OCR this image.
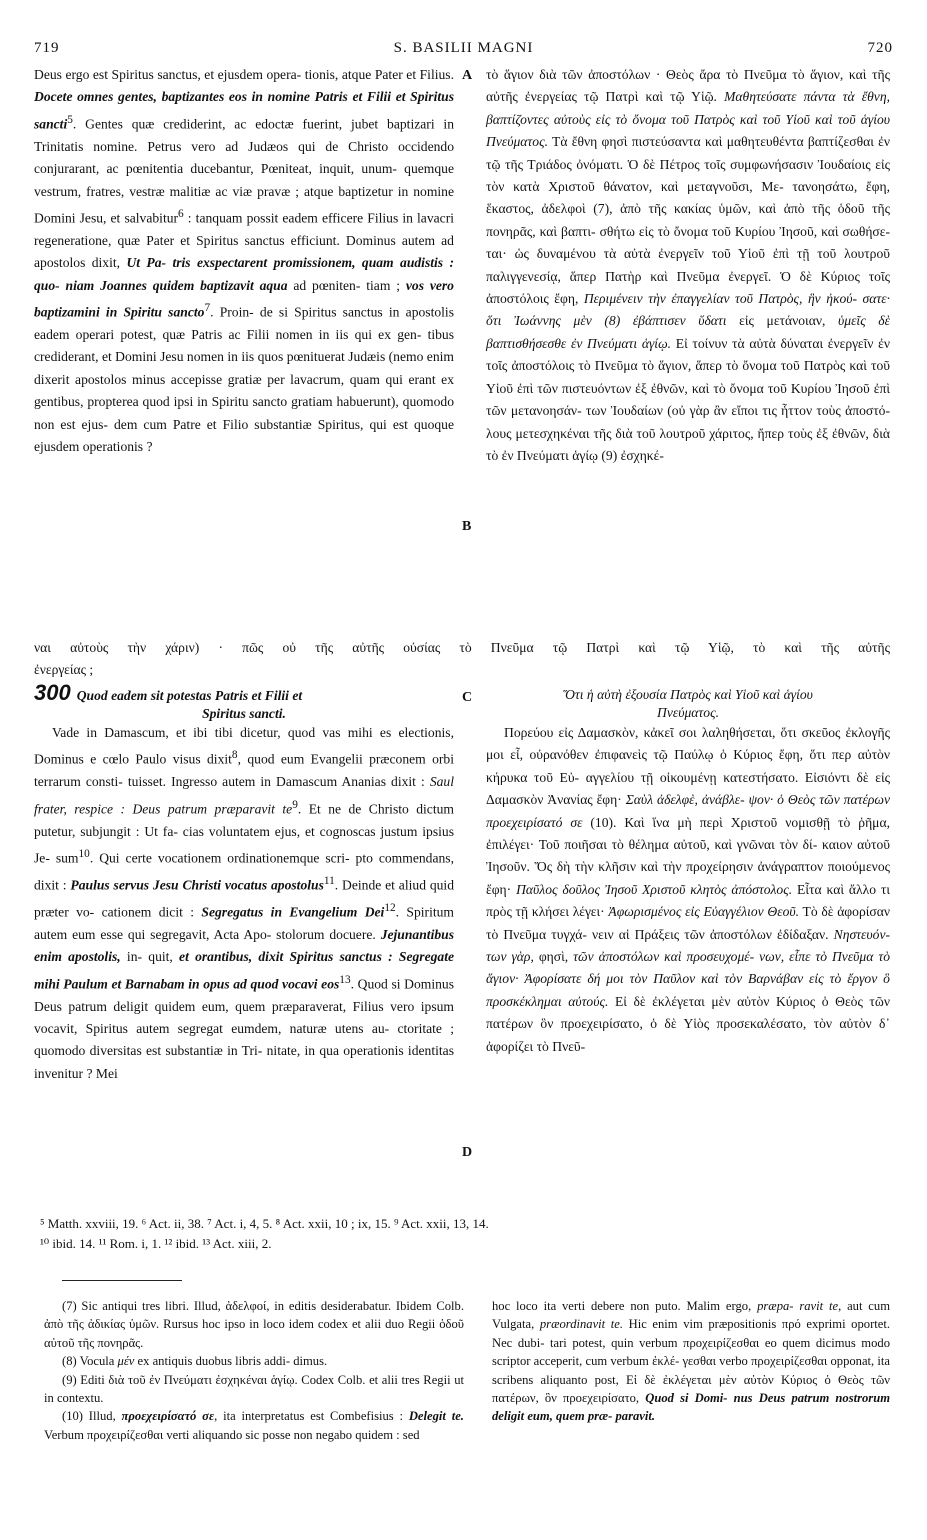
719	S. BASILII MAGNI	720
A
B
C
D

Deus ergo est Spiritus sanctus, et ejusdem opera- tionis, atque Pater et Filius. Docete omnes gentes, baptizantes eos in nomine Patris et Filii et Spiritus sancti$^5$. Gentes quæ crediderint, ac edoctæ fuerint, jubet baptizari in Trinitatis nomine. Petrus vero ad Judæos qui de Christo occidendo conjurarant, ac pœnitentia ducebantur, Pœniteat, inquit, unum- quemque vestrum, fratres, vestræ malitiæ ac viæ pravæ ; atque baptizetur in nomine Domini Jesu, et salvabitur$^6$ : tanquam possit eadem efficere Filius in lavacri regeneratione, quæ Pater et Spiritus sanctus efficiunt. Dominus autem ad apostolos dixit, Ut Pa- tris exspectarent promissionem, quam audistis : quo- niam Joannes quidem baptizavit aqua ad pœniten- tiam ; vos vero baptizamini in Spiritu sancto$^7$. Proin- de si Spiritus sanctus in apostolis eadem operari potest, quæ Patris ac Filii nomen in iis qui ex gen- tibus crediderant, et Domini Jesu nomen in iis quos pœnituerat Judæis (nemo enim dixerit apostolos minus accepisse gratiæ per lavacrum, quam qui erant ex gentibus, propterea quod ipsi in Spiritu sancto gratiam habuerunt), quomodo non est ejus- dem cum Patre et Filio substantiæ Spiritus, qui est quoque ejusdem operationis ?

τὸ ἅγιον διὰ τῶν ἀποστόλων · Θεὸς ἄρα τὸ Πνεῦμα τὸ ἅγιον, καὶ τῆς αὐτῆς ἐνεργείας τῷ Πατρὶ καὶ τῷ Υἱῷ. Μαθητεύσατε πάντα τὰ ἔθνη, βαπτίζοντες αὐτοὺς εἰς τὸ ὄνομα τοῦ Πατρὸς καὶ τοῦ Υἱοῦ καὶ τοῦ ἁγίου Πνεύματος. Τὰ ἔθνη φησὶ πιστεύσαντα καὶ μαθητευθέντα βαπτίζεσθαι ἐν τῷ τῆς Τριάδος ὀνόματι. Ὁ δὲ Πέτρος τοῖς συμφωνήσασιν Ἰουδαίοις εἰς τὸν κατὰ Χριστοῦ θάνατον, καὶ μεταγνοῦσι, Με- τανοησάτω, ἔφη, ἕκαστος, ἀδελφοὶ (7), ἀπὸ τῆς κακίας ὑμῶν, καὶ ἀπὸ τῆς ὁδοῦ τῆς πονηρᾶς, καὶ βαπτι- σθήτω εἰς τὸ ὄνομα τοῦ Κυρίου Ἰησοῦ, καὶ σωθήσε- ται· ὡς δυναμένου τὰ αὐτὰ ἐνεργεῖν τοῦ Υἱοῦ ἐπὶ τῇ τοῦ λουτροῦ παλιγγενεσίᾳ, ἅπερ Πατὴρ καὶ Πνεῦμα ἐνεργεῖ. Ὁ δὲ Κύριος τοῖς ἀποστόλοις ἔφη, Περιμένειν τὴν ἐπαγγελίαν τοῦ Πατρὸς, ἣν ἠκού- σατε· ὅτι Ἰωάννης μὲν (8) ἐβάπτισεν ὕδατι εἰς μετάνοιαν, ὑμεῖς δὲ βαπτισθήσεσθε ἐν Πνεύματι ἁγίῳ. Εἰ τοίνυν τὰ αὐτὰ δύναται ἐνεργεῖν ἐν τοῖς ἀποστόλοις τὸ Πνεῦμα τὸ ἅγιον, ἅπερ τὸ ὄνομα τοῦ Πατρὸς καὶ τοῦ Υἱοῦ ἐπὶ τῶν πιστευόντων ἐξ ἐθνῶν, καὶ τὸ ὄνομα τοῦ Κυρίου Ἰησοῦ ἐπὶ τῶν μετανοησάν- των Ἰουδαίων (οὐ γὰρ ἂν εἴποι τις ἧττον τοὺς ἀποστό- λους μετεσχηκέναι τῆς διὰ τοῦ λουτροῦ χάριτος, ἤπερ τοὺς ἐξ ἐθνῶν, διὰ τὸ ἐν Πνεύματι ἁγίῳ (9) ἐσχηκέ-

ναι αὐτοὺς τὴν χάριν) · πῶς οὐ τῆς αὐτῆς οὐσίας τὸ Πνεῦμα τῷ Πατρὶ καὶ τῷ Υἱῷ, τὸ καὶ τῆς αὐτῆς
ἐνεργείας ;
300 Quod eadem sit potestas Patris et Filii et
Spiritus sancti.
Ὅτι ἡ αὐτὴ ἐξουσία Πατρὸς καὶ Υἱοῦ καὶ ἁγίου
Πνεύματος.

Vade in Damascum, et ibi tibi dicetur, quod vas mihi es electionis, Dominus e cœlo Paulo visus dixit$^8$, quod eum Evangelii præconem orbi terrarum consti- tuisset. Ingresso autem in Damascum Ananias dixit : Saul frater, respice : Deus patrum præparavit $te^9$. Et ne de Christo dictum putetur, subjungit : Ut fa- cias voluntatem ejus, et cognoscas justum ipsius Je- sum$^{10}$. Qui certe vocationem ordinationemque scri- pto commendans, dixit : Paulus servus Jesu Christi vocatus apostolus$^{11}$. Deinde et aliud quid præter vo- cationem dicit : Segregatus in Evangelium Dei$^{12}$. Spiritum autem eum esse qui segregavit, Acta Apo- stolorum docuere. Jejunantibus enim apostolis, in- quit, et orantibus, dixit Spiritus sanctus : Segregate mihi Paulum et Barnabam in opus ad quod vocavi eos$^{13}$. Quod si Dominus Deus patrum deligit quidem eum, quem præparaverat, Filius vero ipsum vocavit, Spiritus autem segregat eumdem, naturæ utens au- ctoritate ; quomodo diversitas est substantiæ in Tri- nitate, in qua operationis identitas invenitur ? Mei

Πορεύου εἰς Δαμασκὸν, κἀκεῖ σοι λαληθήσεται, ὅτι σκεῦος ἐκλογῆς μοι εἶ, οὐρανόθεν ἐπιφανεὶς τῷ Παύλῳ ὁ Κύριος ἔφη, ὅτι περ αὐτὸν κήρυκα τοῦ Εὐ- αγγελίου τῇ οἰκουμένῃ κατεστήσατο. Εἰσιόντι δὲ εἰς Δαμασκὸν Ἀνανίας ἔφη· Σαὺλ ἀδελφὲ, ἀνάβλε- ψον· ὁ Θεὸς τῶν πατέρων προεχειρίσατό σε (10). Καὶ ἵνα μὴ περὶ Χριστοῦ νομισθῇ τὸ ῥῆμα, ἐπιλέγει· Τοῦ ποιῆσαι τὸ θέλημα αὐτοῦ, καὶ γνῶναι τὸν δί- καιον αὐτοῦ Ἰησοῦν. Ὅς δὴ τὴν κλῆσιν καὶ τὴν προχείρησιν ἀνάγραπτον ποιούμενος ἔφη· Παῦλος δοῦλος Ἰησοῦ Χριστοῦ κλητὸς ἀπόστολος. Εἶτα καὶ ἄλλο τι πρὸς τῇ κλήσει λέγει· Ἀφωρισμένος εἰς Εὐαγγέλιον Θεοῦ. Τὸ δὲ ἀφορίσαν τὸ Πνεῦμα τυγχά- νειν αἱ Πράξεις τῶν ἀποστόλων ἐδίδαξαν. Νηστευόν- των γὰρ, φησὶ, τῶν ἀποστόλων καὶ προσευχομέ- νων, εἶπε τὸ Πνεῦμα τὸ ἅγιον· Ἀφορίσατε δή μοι τὸν Παῦλον καὶ τὸν Βαρνάβαν εἰς τὸ ἔργον ὃ προσκέκλημαι αὐτούς. Εἰ δὲ ἐκλέγεται μὲν αὐτὸν Κύριος ὁ Θεὸς τῶν πατέρων ὃν προεχειρίσατο, ὁ δὲ Υἱὸς προσεκαλέσατο, τὸν αὐτὸν δ᾽ ἀφορίζει τὸ Πνεῦ-

⁵ Matth. xxviii, 19. ⁶ Act. ii, 38. ⁷ Act. i, 4, 5. ⁸ Act. xxii, 10 ; ix, 15. ⁹ Act. xxii, 13, 14.
¹⁰ ibid. 14. ¹¹ Rom. i, 1. ¹² ibid. ¹³ Act. xiii, 2.

(7) Sic antiqui tres libri. Illud, ἀδελφοί, in editis desiderabatur. Ibidem Colb. ἀπὸ τῆς ἀδικίας ὑμῶν. Rursus hoc ipso in loco idem codex et alii duo Regii ὁδοῦ αὐτοῦ τῆς πονηρᾶς.

(8) Vocula μέν ex antiquis duobus libris addi- dimus.

(9) Editi διὰ τοῦ ἐν Πνεύματι ἐσχηκέναι ἁγίῳ. Codex Colb. et alii tres Regii ut in contextu.

(10) Illud, προεχειρίσατό σε, ita interpretatus est Combefisius : Delegit te. Verbum προχειρίζεσθαι verti aliquando sic posse non negabo quidem : sed

hoc loco ita verti debere non puto. Malim ergo, præpa- ravit te, aut cum Vulgata, præordinavit te. Hic enim vim præpositionis πρό exprimi oportet. Nec dubi- tari potest, quin verbum προχειρίζεσθαι eo quem dicimus modo scriptor acceperit, cum verbum ἐκλέ- γεσθαι verbo προχειρίζεσθαι opponat, ita scribens aliquanto post, Εἰ δὲ ἐκλέγεται μὲν αὐτὸν Κύριος ὁ Θεὸς τῶν πατέρων, ὃν προεχειρίσατο, Quod si Domi- nus Deus patrum nostrorum deligit eum, quem præ- paravit.
